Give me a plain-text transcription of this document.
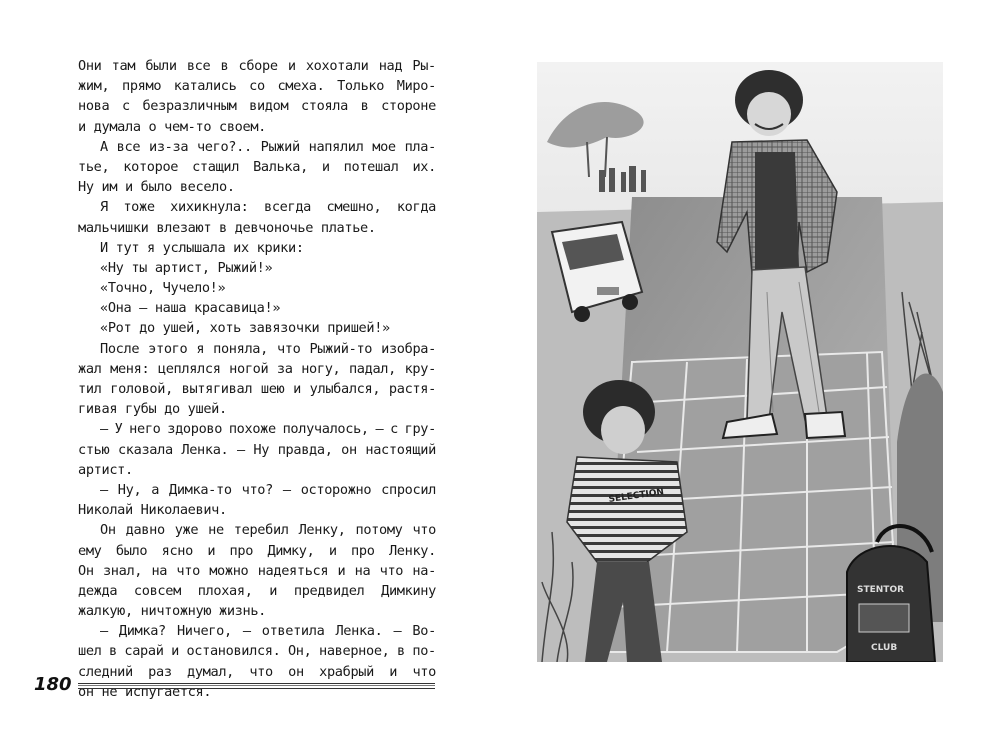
Они там были все в сборе и хохотали над Ры-
жим, прямо катались со смеха. Только Миро-
нова с безразличным видом стояла в стороне
и думала о чем-то своем.
А все из-за чего?.. Рыжий напялил мое пла-
тье, которое стащил Валька, и потешал их.
Ну им и было весело.
Я тоже хихикнула: всегда смешно, когда
мальчишки влезают в девчоночье платье.
И тут я услышала их крики:
«Ну ты артист, Рыжий!»
«Точно, Чучело!»
«Она – наша красавица!»
«Рот до ушей, хоть завязочки пришей!»
После этого я поняла, что Рыжий-то изобра-
жал меня: цеплялся ногой за ногу, падал, кру-
тил головой, вытягивал шею и улыбался, растя-
гивая губы до ушей.
– У него здорово похоже получалось, – с гру-
стью сказала Ленка. – Ну правда, он настоящий
артист.
– Ну, а Димка-то что? – осторожно спросил
Николай Николаевич.
Он давно уже не теребил Ленку, потому что
ему было ясно и про Димку, и про Ленку.
Он знал, на что можно надеяться и на что на-
дежда совсем плохая, и предвидел Димкину
жалкую, ничтожную жизнь.
– Димка? Ничего, – ответила Ленка. – Во-
шел в сарай и остановился. Он, наверное, в по-
следний раз думал, что он храбрый и что
он не испугается.
180
SELECTION
STENTOR
CLUB
